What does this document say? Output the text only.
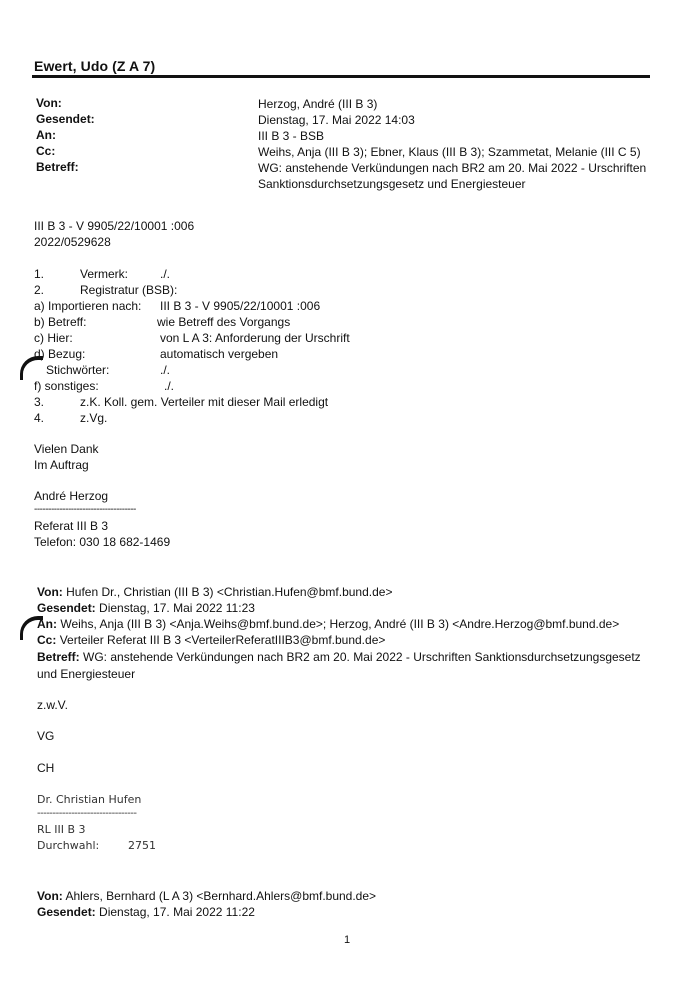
Ewert, Udo (Z A 7)
Von:	Herzog, André (III B 3)
Gesendet:	Dienstag, 17. Mai 2022 14:03
An:	III B 3 - BSB
Cc:	Weihs, Anja (III B 3); Ebner, Klaus (III B 3); Szammetat, Melanie (III C 5)
Betreff:	WG: anstehende Verkündungen nach BR2 am 20. Mai 2022 - Urschriften Sanktionsdurchsetzungsgesetz und Energiesteuer
III B 3 - V 9905/22/10001 :006
2022/0529628
1.	Vermerk:	./.
2.	Registratur (BSB):
a) Importieren nach: III B 3 - V 9905/22/10001 :006
b) Betreff:	wie Betreff des Vorgangs
c) Hier:	von L A 3: Anforderung der Urschrift
d) Bezug:	automatisch vergeben
Stichwörter:	./.
f) sonstiges:	./.
3.	z.K. Koll. gem. Verteiler mit dieser Mail erledigt
4.	z.Vg.
Vielen Dank
Im Auftrag
André Herzog
------------------------------------
Referat III B 3
Telefon: 030 18 682-1469
Von: Hufen Dr., Christian (III B 3) <Christian.Hufen@bmf.bund.de>
Gesendet: Dienstag, 17. Mai 2022 11:23
An: Weihs, Anja (III B 3) <Anja.Weihs@bmf.bund.de>; Herzog, André (III B 3) <Andre.Herzog@bmf.bund.de>
Cc: Verteiler Referat III B 3 <VerteilerReferatIIIB3@bmf.bund.de>
Betreff: WG: anstehende Verkündungen nach BR2 am 20. Mai 2022 - Urschriften Sanktionsdurchsetzungsgesetz und Energiesteuer
z.w.V.
VG
CH
Dr. Christian Hufen
--------------------------------
RL III B 3
Durchwahl:	2751
Von: Ahlers, Bernhard (L A 3) <Bernhard.Ahlers@bmf.bund.de>
Gesendet: Dienstag, 17. Mai 2022 11:22
1
